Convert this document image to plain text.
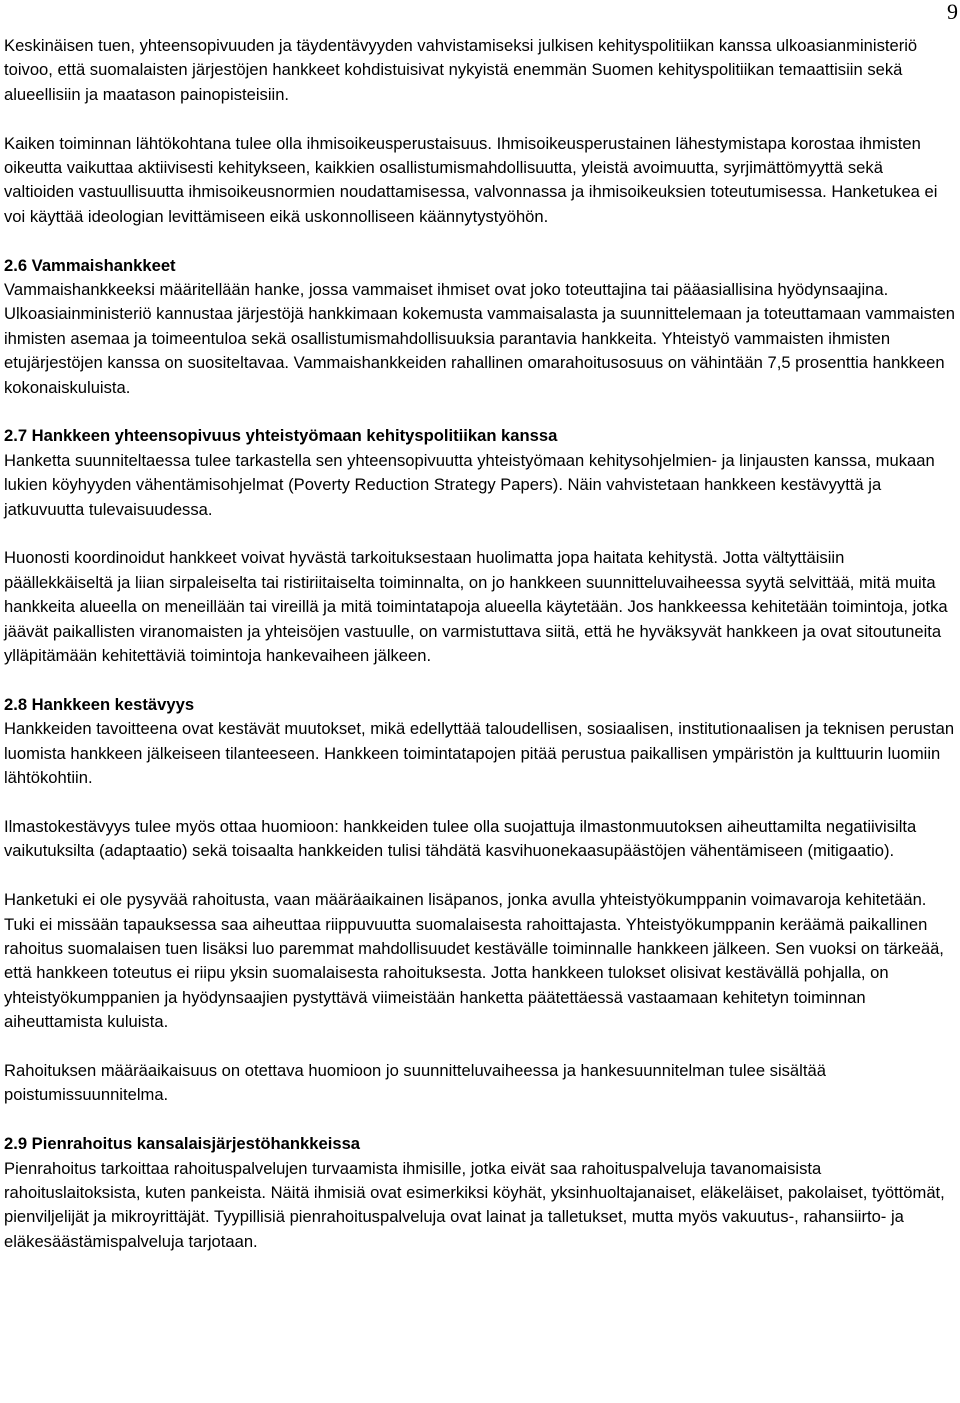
9

Keskinäisen tuen, yhteensopivuuden ja täydentävyyden vahvistamiseksi julkisen kehityspolitiikan kanssa ulkoasianministeriö toivoo, että suomalaisten järjestöjen hankkeet kohdistuisivat nykyistä enemmän Suomen kehityspolitiikan temaattisiin sekä alueellisiin ja maatason painopisteisiin.

Kaiken toiminnan lähtökohtana tulee olla ihmisoikeusperustaisuus. Ihmisoikeusperustainen lähestymistapa korostaa ihmisten oikeutta vaikuttaa aktiivisesti kehitykseen, kaikkien osallistumismahdollisuutta, yleistä avoimuutta, syrjimättömyyttä sekä valtioiden vastuullisuutta ihmisoikeusnormien noudattamisessa, valvonnassa ja ihmisoikeuksien toteutumisessa. Hanketukea ei voi käyttää ideologian levittämiseen eikä uskonnolliseen käännytystyöhön.

2.6 Vammaishankkeet

Vammaishankkeeksi määritellään hanke, jossa vammaiset ihmiset ovat joko toteuttajina tai pääasiallisina hyödynsaajina. Ulkoasiainministeriö kannustaa järjestöjä hankkimaan kokemusta vammaisalasta ja suunnittelemaan ja toteuttamaan vammaisten ihmisten asemaa ja toimeentuloa sekä osallistumismahdollisuuksia parantavia hankkeita. Yhteistyö vammaisten ihmisten etujärjestöjen kanssa on suositeltavaa. Vammaishankkeiden rahallinen omarahoitusosuus on vähintään 7,5 prosenttia hankkeen kokonaiskuluista.

2.7 Hankkeen yhteensopivuus yhteistyömaan kehityspolitiikan kanssa

Hanketta suunniteltaessa tulee tarkastella sen yhteensopivuutta yhteistyömaan kehitysohjelmien- ja linjausten kanssa, mukaan lukien köyhyyden vähentämisohjelmat (Poverty Reduction Strategy Papers). Näin vahvistetaan hankkeen kestävyyttä ja jatkuvuutta tulevaisuudessa.

Huonosti koordinoidut hankkeet voivat hyvästä tarkoituksestaan huolimatta jopa haitata kehitystä. Jotta vältyttäisiin päällekkäiseltä ja liian sirpaleiselta tai ristiriitaiselta toiminnalta, on jo hankkeen suunnitteluvaiheessa syytä selvittää, mitä muita hankkeita alueella on meneillään tai vireillä ja mitä toimintatapoja alueella käytetään. Jos hankkeessa kehitetään toimintoja, jotka jäävät paikallisten viranomaisten ja yhteisöjen vastuulle, on varmistuttava siitä, että he hyväksyvät hankkeen ja ovat sitoutuneita ylläpitämään kehitettäviä toimintoja hankevaiheen jälkeen.

2.8 Hankkeen kestävyys

Hankkeiden tavoitteena ovat kestävät muutokset, mikä edellyttää taloudellisen, sosiaalisen, institutionaalisen ja teknisen perustan luomista hankkeen jälkeiseen tilanteeseen. Hankkeen toimintatapojen pitää perustua paikallisen ympäristön ja kulttuurin luomiin lähtökohtiin.

Ilmastokestävyys tulee myös ottaa huomioon: hankkeiden tulee olla suojattuja ilmastonmuutoksen aiheuttamilta negatiivisilta vaikutuksilta (adaptaatio) sekä toisaalta hankkeiden tulisi tähdätä kasvihuonekaasupäästöjen vähentämiseen (mitigaatio).

Hanketuki ei ole pysyvää rahoitusta, vaan määräaikainen lisäpanos, jonka avulla yhteistyökumppanin voimavaroja kehitetään. Tuki ei missään tapauksessa saa aiheuttaa riippuvuutta suomalaisesta rahoittajasta. Yhteistyökumppanin keräämä paikallinen rahoitus suomalaisen tuen lisäksi luo paremmat mahdollisuudet kestävälle toiminnalle hankkeen jälkeen. Sen vuoksi on tärkeää, että hankkeen toteutus ei riipu yksin suomalaisesta rahoituksesta. Jotta hankkeen tulokset olisivat kestävällä pohjalla, on yhteistyökumppanien ja hyödynsaajien pystyttävä viimeistään hanketta päätettäessä vastaamaan kehitetyn toiminnan aiheuttamista kuluista.

Rahoituksen määräaikaisuus on otettava huomioon jo suunnitteluvaiheessa ja hankesuunnitelman tulee sisältää poistumissuunnitelma.

2.9 Pienrahoitus kansalaisjärjestöhankkeissa

Pienrahoitus tarkoittaa rahoituspalvelujen turvaamista ihmisille, jotka eivät saa rahoituspalveluja tavanomaisista rahoituslaitoksista, kuten pankeista. Näitä ihmisiä ovat esimerkiksi köyhät, yksinhuoltajanaiset, eläkeläiset, pakolaiset, työttömät, pienviljelijät ja mikroyrittäjät. Tyypillisiä pienrahoituspalveluja ovat lainat ja talletukset, mutta myös vakuutus-, rahansiirto- ja eläkesäästämispalveluja tarjotaan.
